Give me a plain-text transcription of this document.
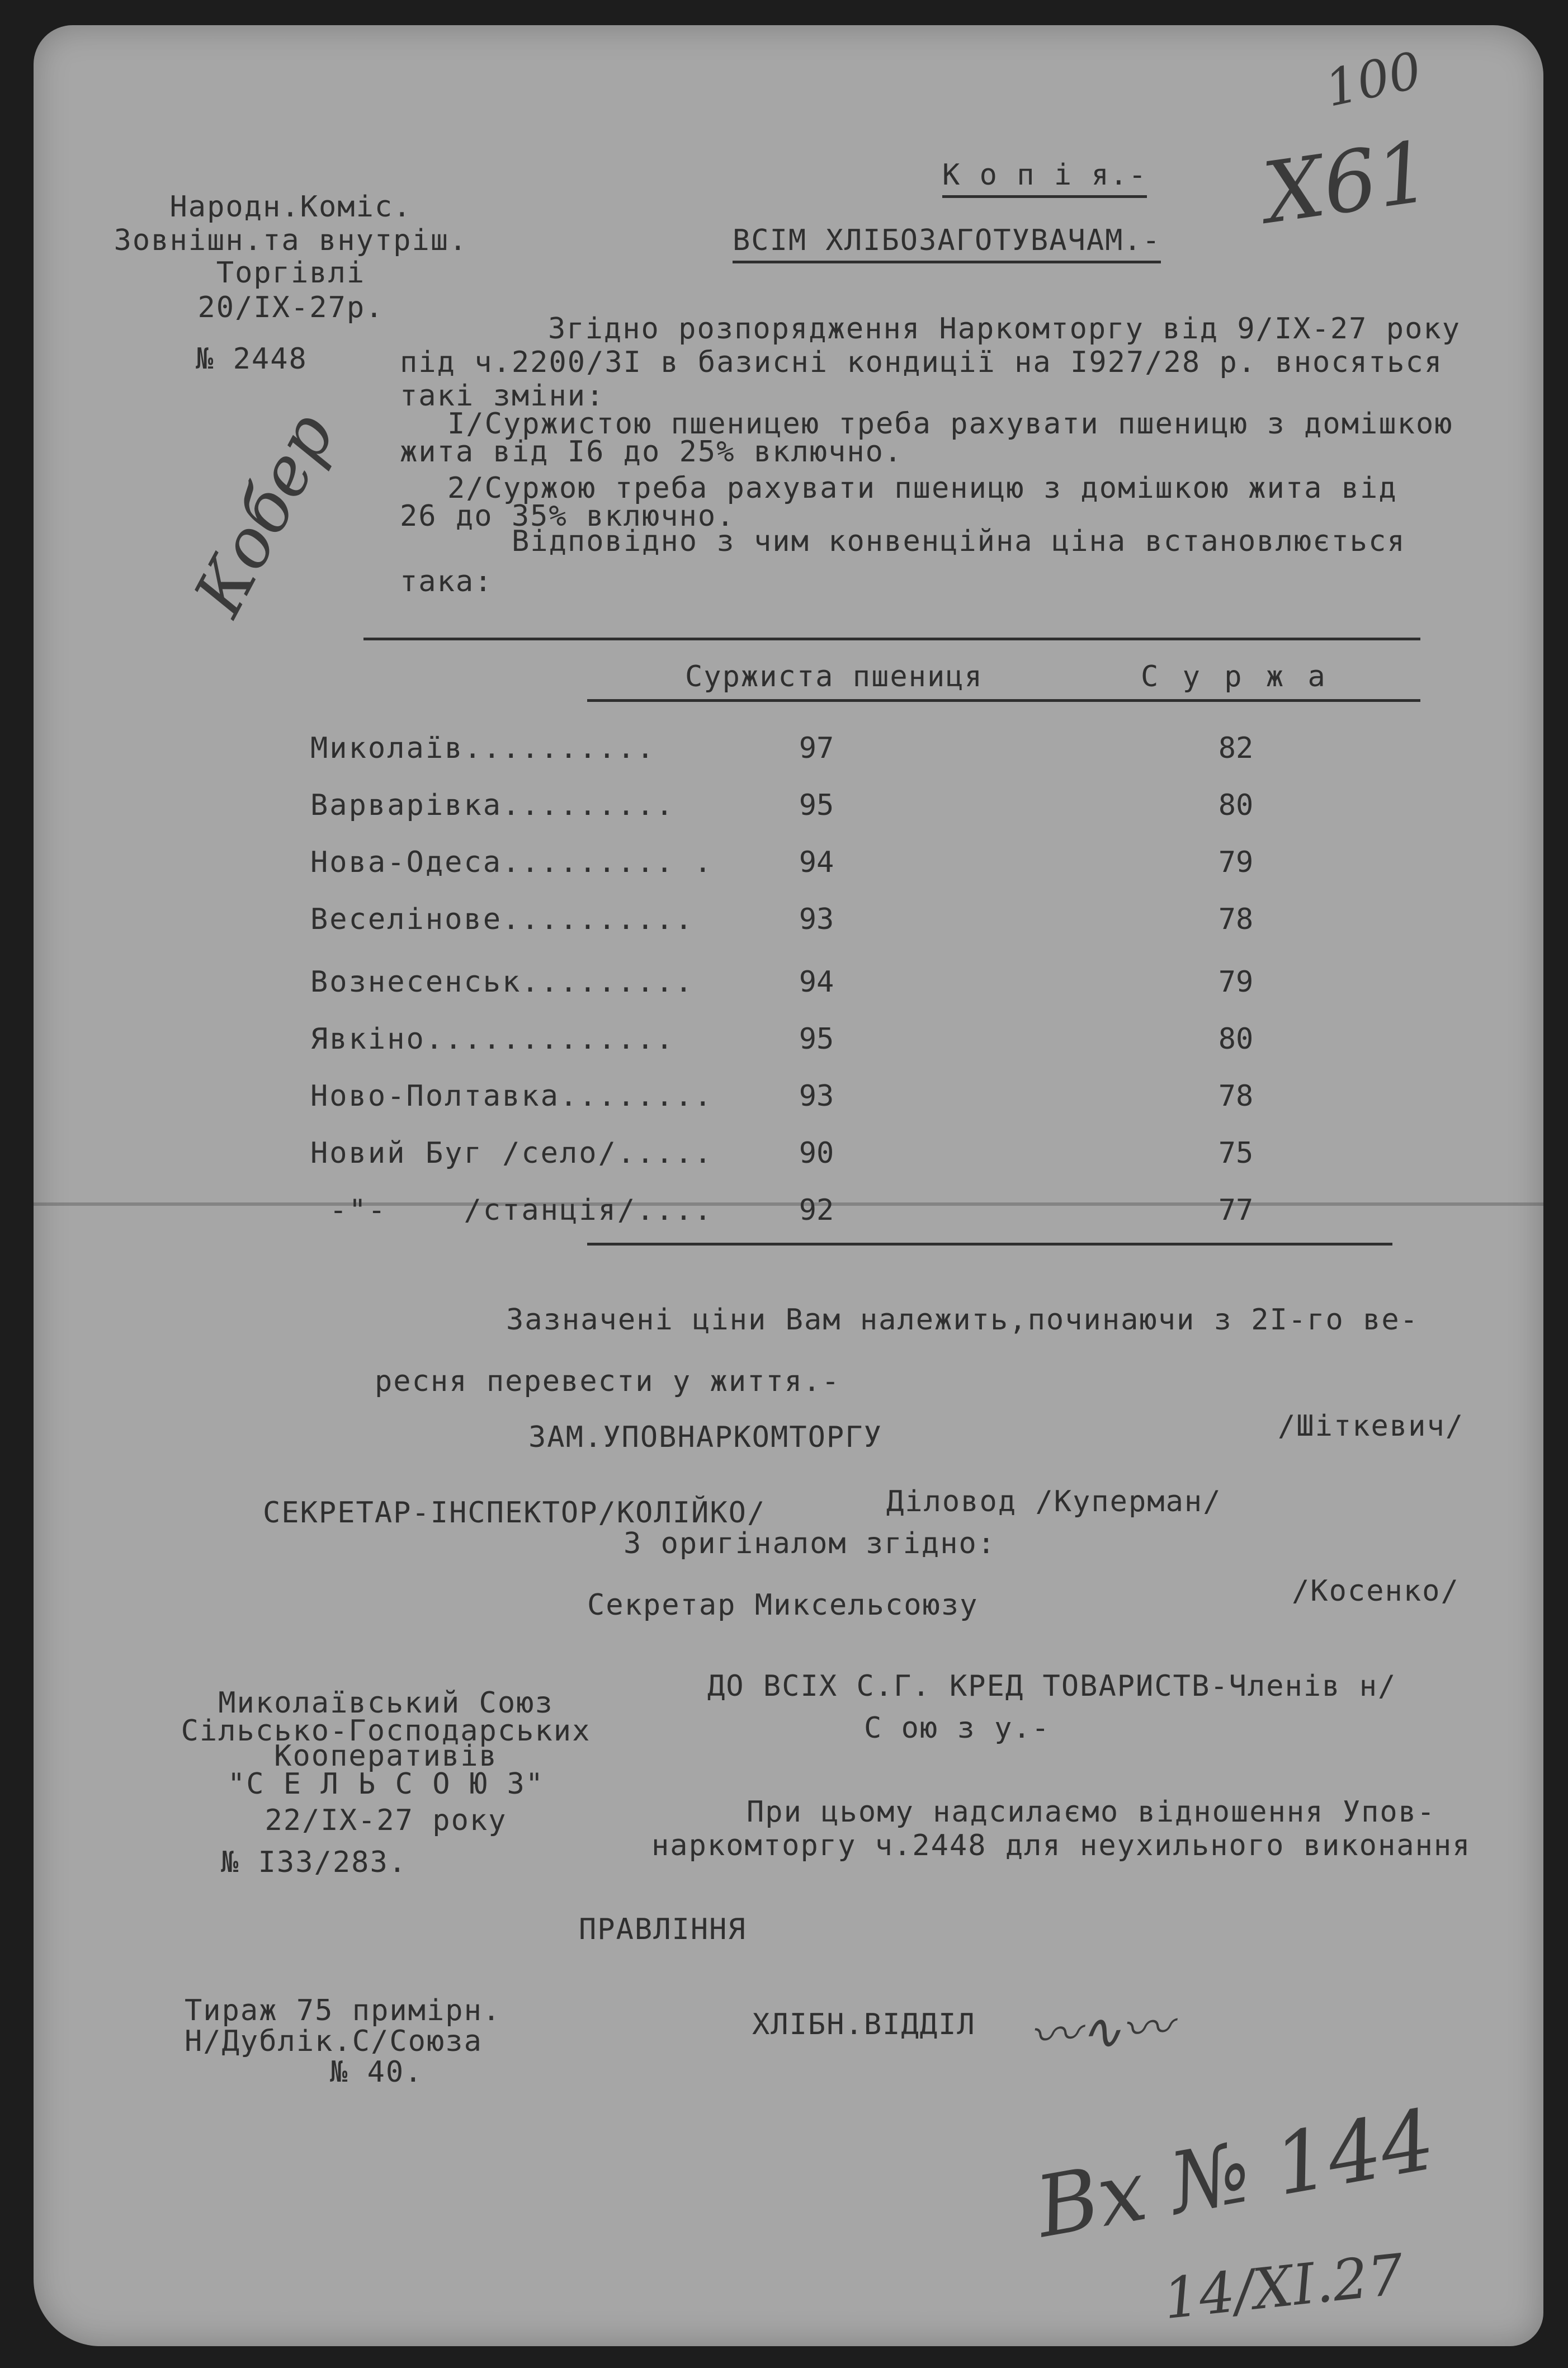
100
Х61
Народн.Коміс.
Зовнішн.та внутріш.
Торгівлі
20/IX-27р.
№ 2448
Кобер
К о п і я.-
ВСІМ ХЛІБОЗАГОТУВАЧАМ.-
Згідно розпорядження Наркомторгу від 9/IX-27 року
під ч.2200/3I в базисні кондиції на I927/28 р. вносяться
такі зміни:
I/Суржистою пшеницею треба рахувати пшеницю з домішкою
жита від I6 до 25% включно.
2/Суржою треба рахувати пшеницю з домішкою жита від
26 до 35% включно.
Відповідно з чим конвенційна ціна встановлюється
така:
Суржиста пшениця	С у р ж а
Миколаїв..........	97	82
Варварівка.........	95	80
Нова-Одеса......... .	94	79
Веселінове..........	93	78
Вознесенськ.........	94	79
Явкіно.............	95	80
Ново-Полтавка........	93	78
Новий Буг /село/.....	90	75
-"-    /станція/....	92	77
Зазначені ціни Вам належить,починаючи з 2I-го ве-
ресня перевести у життя.-
ЗАМ.УПОВНАРКОМТОРГУ	/Шіткевич/
СЕКРЕТАР-ІНСПЕКТОР/КОЛІЙКО/	Діловод /Куперман/
З оригіналом згідно:
Секретар Миксельсоюзу	/Косенко/
Миколаївський Союз
Сільсько-Господарських
Кооперативів
"С Е Л Ь С О Ю З"
22/IX-27 року
№ I33/283.
ДО ВСІХ С.Г. КРЕД ТОВАРИСТВ-Членів н/
С ою з у.-
При цьому надсилаємо відношення Упов-
наркомторгу ч.2448 для неухильного виконання
ПРАВЛІННЯ
ХЛІБН.ВІДДІЛ 〰∿〰
Тираж 75 примірн.
Н/Дублік.С/Союза
№ 40.
Вх № 144
14/XI.27
